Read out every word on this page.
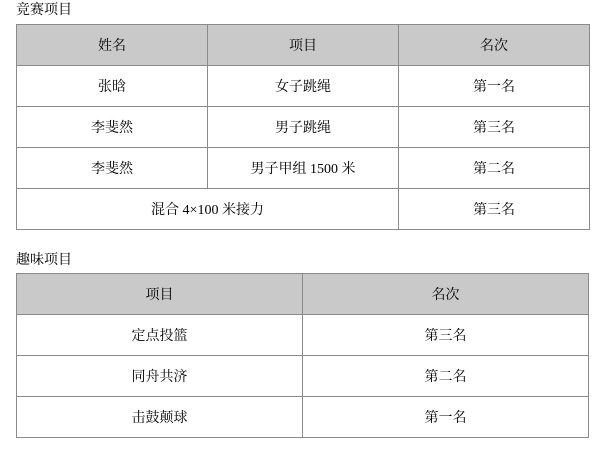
竞赛项目
姓名	项目	名次
张晗	女子跳绳	第一名
李斐然	男子跳绳	第三名
李斐然	男子甲组 1500 米	第二名
混合 4×100 米接力		第三名
趣味项目
项目	名次
定点投篮	第三名
同舟共济	第二名
击鼓颠球	第一名
